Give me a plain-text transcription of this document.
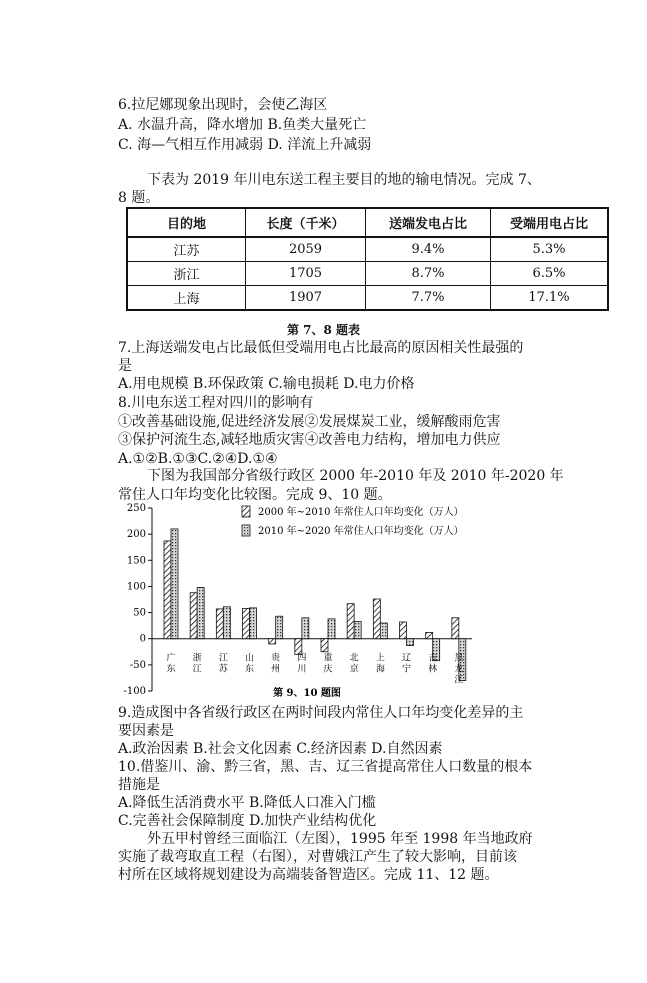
6.拉尼娜现象出现时，会使乙海区
A. 水温升高，降水增加 B.鱼类大量死亡
C. 海—气相互作用减弱 D. 洋流上升减弱
下表为 2019 年川电东送工程主要目的地的输电情况。完成 7、
8 题。
目的地	长度（千米）	送端发电占比	受端用电占比
江苏	2059	9.4%	5.3%
浙江	1705	8.7%	6.5%
上海	1907	7.7%	17.1%
第 7、8 题表
7.上海送端发电占比最低但受端用电占比最高的原因相关性最强的
是
A.用电规模 B.环保政策 C.输电损耗 D.电力价格
8.川电东送工程对四川的影响有
①改善基础设施,促进经济发展②发展煤炭工业，缓解酸雨危害
③保护河流生态,减轻地质灾害④改善电力结构，增加电力供应
A.①②B.①③C.②④D.①④
下图为我国部分省级行政区 2000 年-2010 年及 2010 年-2020 年
常住人口年均变化比较图。完成 9、10 题。
250
200
150
100
50
0
-50
-100
广东
浙江
江苏
山东
贵州
四川
重庆
北京
上海
辽宁
吉林
黑龙江
2000 年~2010 年常住人口年均变化（万人）
2010 年~2020 年常住人口年均变化（万人）
第 9、10 题图
9.造成图中各省级行政区在两时间段内常住人口年均变化差异的主
要因素是
A.政治因素 B.社会文化因素 C.经济因素 D.自然因素
10.借鉴川、渝、黔三省，黑、吉、辽三省提高常住人口数量的根本
措施是
A.降低生活消费水平 B.降低人口准入门槛
C.完善社会保障制度 D.加快产业结构优化
外五甲村曾经三面临江（左图），1995 年至 1998 年当地政府
实施了裁弯取直工程（右图），对曹娥江产生了较大影响，目前该
村所在区域将规划建设为高端装备智造区。完成 11、12 题。
